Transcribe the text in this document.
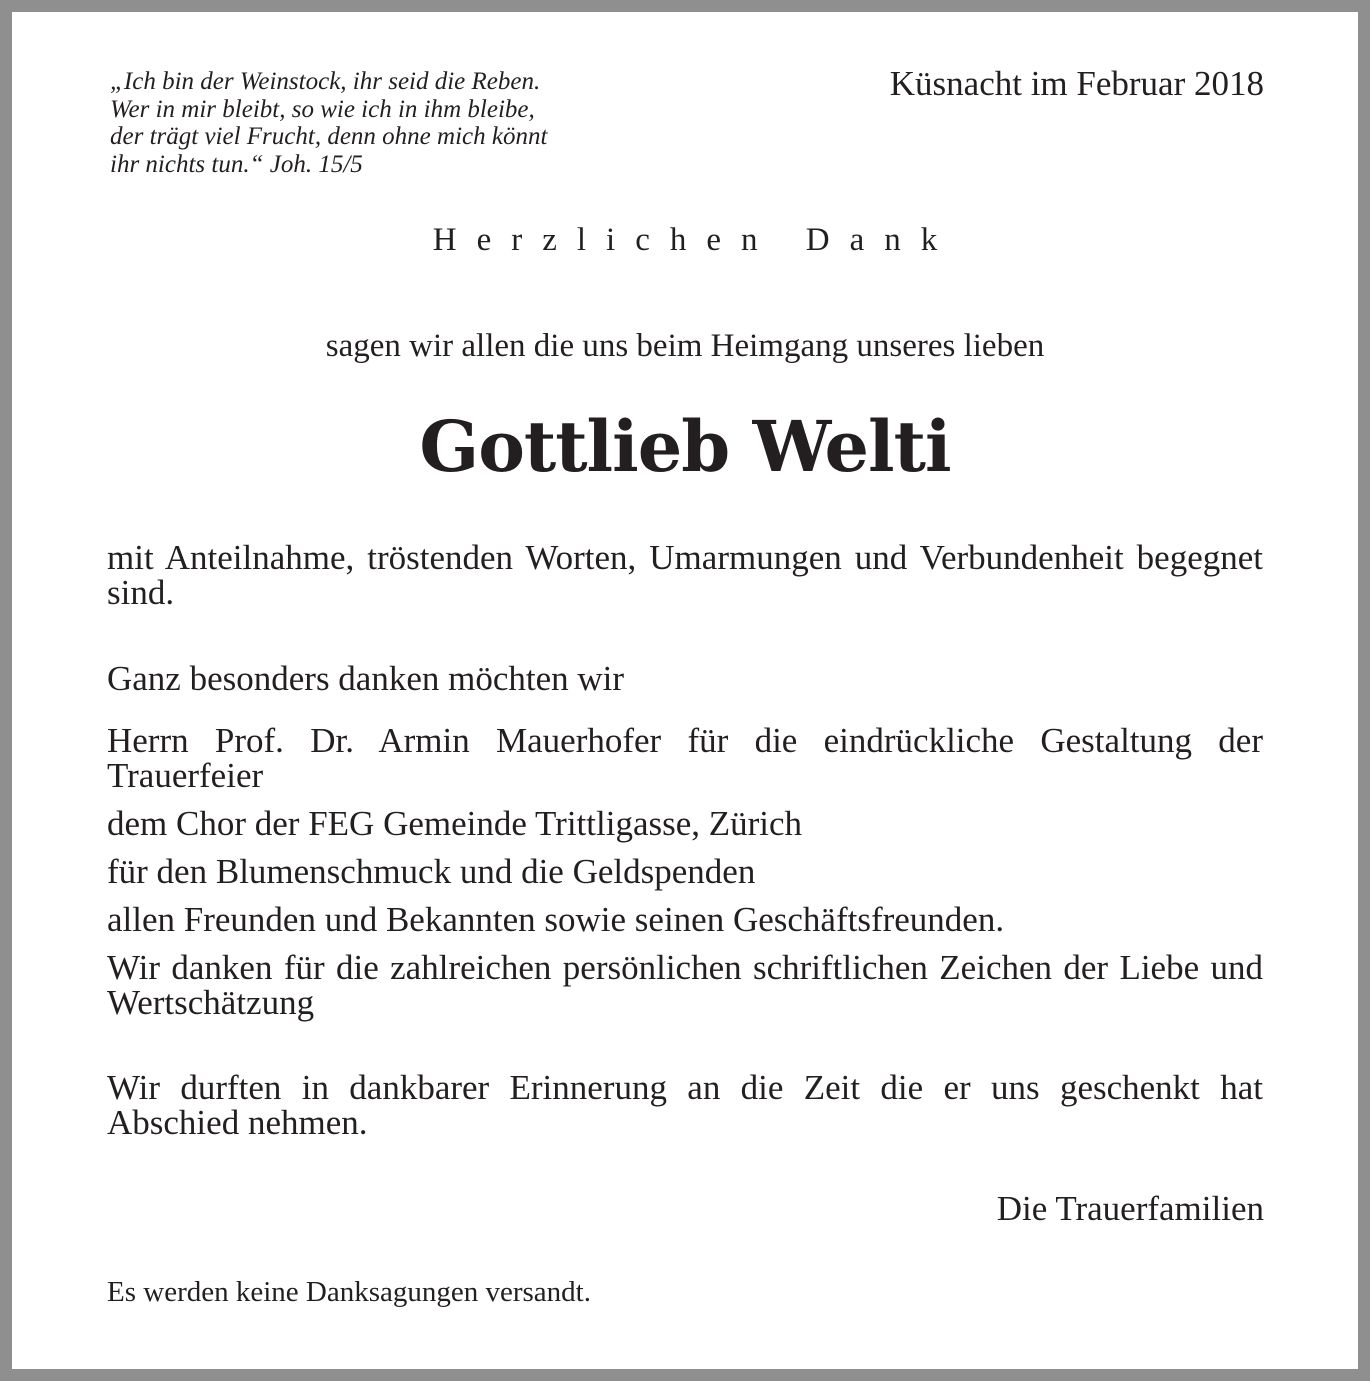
„Ich bin der Weinstock, ihr seid die Reben.
Wer in mir bleibt, so wie ich in ihm bleibe,
der trägt viel Frucht, denn ohne mich könnt
ihr nichts tun.“ Joh. 15/5

Küsnacht im Februar 2018

Herzlichen Dank

sagen wir allen die uns beim Heimgang unseres lieben

Gottlieb Welti

mit Anteilnahme, tröstenden Worten, Umarmungen und Verbundenheit begegnet sind.

Ganz besonders danken möchten wir

Herrn Prof. Dr. Armin Mauerhofer für die eindrückliche Gestaltung der Trauerfeier

dem Chor der FEG Gemeinde Trittligasse, Zürich

für den Blumenschmuck und die Geldspenden

allen Freunden und Bekannten sowie seinen Geschäftsfreunden.

Wir danken für die zahlreichen persönlichen schriftlichen Zeichen der Liebe und Wertschätzung

Wir durften in dankbarer Erinnerung an die Zeit die er uns geschenkt hat Abschied nehmen.

Die Trauerfamilien

Es werden keine Danksagungen versandt.
